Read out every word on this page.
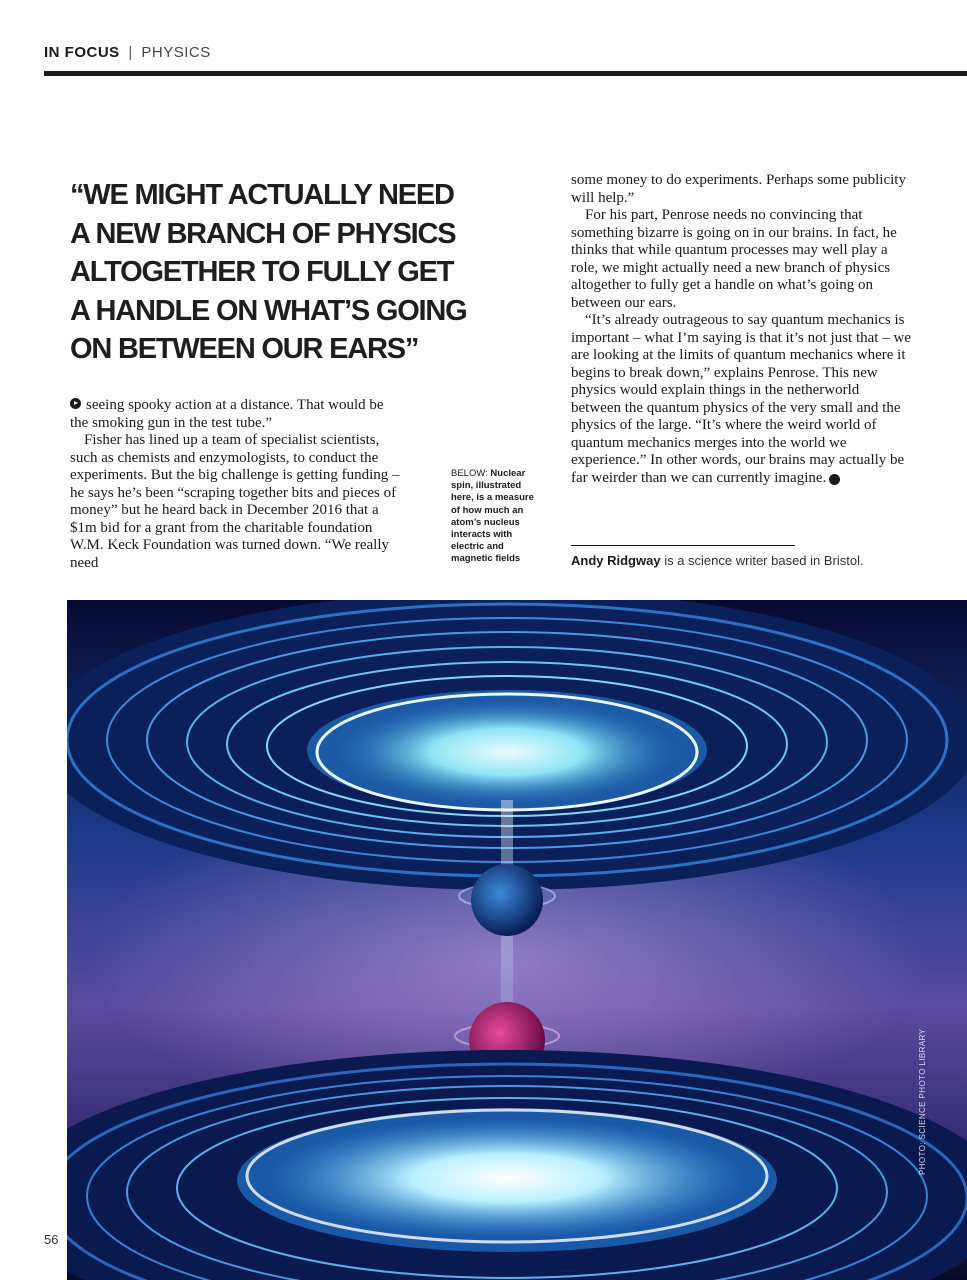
IN FOCUS | PHYSICS
“WE MIGHT ACTUALLY NEED A NEW BRANCH OF PHYSICS ALTOGETHER TO FULLY GET A HANDLE ON WHAT’S GOING ON BETWEEN OUR EARS”

seeing spooky action at a distance. That would be the smoking gun in the test tube.”

Fisher has lined up a team of specialist scientists, such as chemists and enzymologists, to conduct the experiments. But the big challenge is getting funding – he says he’s been “scraping together bits and pieces of money” but he heard back in December 2016 that a $1m bid for a grant from the charitable foundation W.M. Keck Foundation was turned down. “We really need

BELOW: Nuclear spin, illustrated here, is a measure of how much an atom’s nucleus interacts with electric and magnetic fields

some money to do experiments. Perhaps some publicity will help.”

For his part, Penrose needs no convincing that something bizarre is going on in our brains. In fact, he thinks that while quantum processes may well play a role, we might actually need a new branch of physics altogether to fully get a handle on what’s going on between our ears.

“It’s already outrageous to say quantum mechanics is important – what I’m saying is that it’s not just that – we are looking at the limits of quantum mechanics where it begins to break down,” explains Penrose. This new physics would explain things in the netherworld between the quantum physics of the very small and the physics of the large. “It’s where the weird world of quantum mechanics merges into the world we experience.” In other words, our brains may actually be far weirder than we can currently imagine. F

Andy Ridgway is a science writer based in Bristol.
PHOTO: SCIENCE PHOTO LIBRARY
56
